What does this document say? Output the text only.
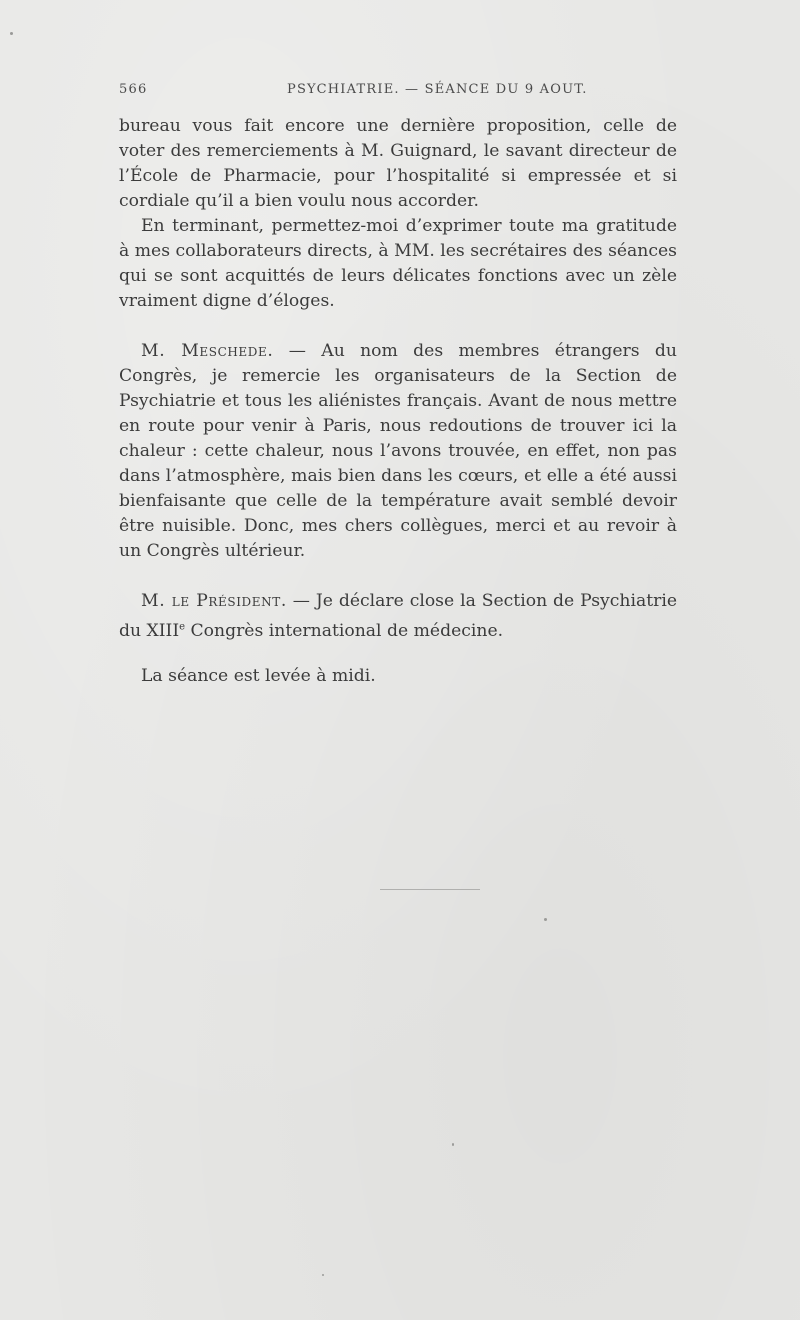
566	PSYCHIATRIE. — SÉANCE DU 9 AOUT.

bureau vous fait encore une dernière proposition, celle de voter des remerciements à M. Guignard, le savant directeur de l’École de Pharmacie, pour l’hospitalité si empressée et si cordiale qu’il a bien voulu nous accorder.

En terminant, permettez-moi d’exprimer toute ma gratitude à mes collaborateurs directs, à MM. les secrétaires des séances qui se sont acquittés de leurs délicates fonctions avec un zèle vraiment digne d’éloges.

M. Meschede. — Au nom des membres étrangers du Congrès, je remercie les organisateurs de la Section de Psychiatrie et tous les aliénistes français. Avant de nous mettre en route pour venir à Paris, nous redoutions de trouver ici la chaleur : cette chaleur, nous l’avons trouvée, en effet, non pas dans l’atmosphère, mais bien dans les cœurs, et elle a été aussi bienfaisante que celle de la température avait semblé devoir être nuisible. Donc, mes chers collègues, merci et au revoir à un Congrès ultérieur.

M. le Président. — Je déclare close la Section de Psychiatrie du XIIIe Congrès international de médecine.

La séance est levée à midi.
